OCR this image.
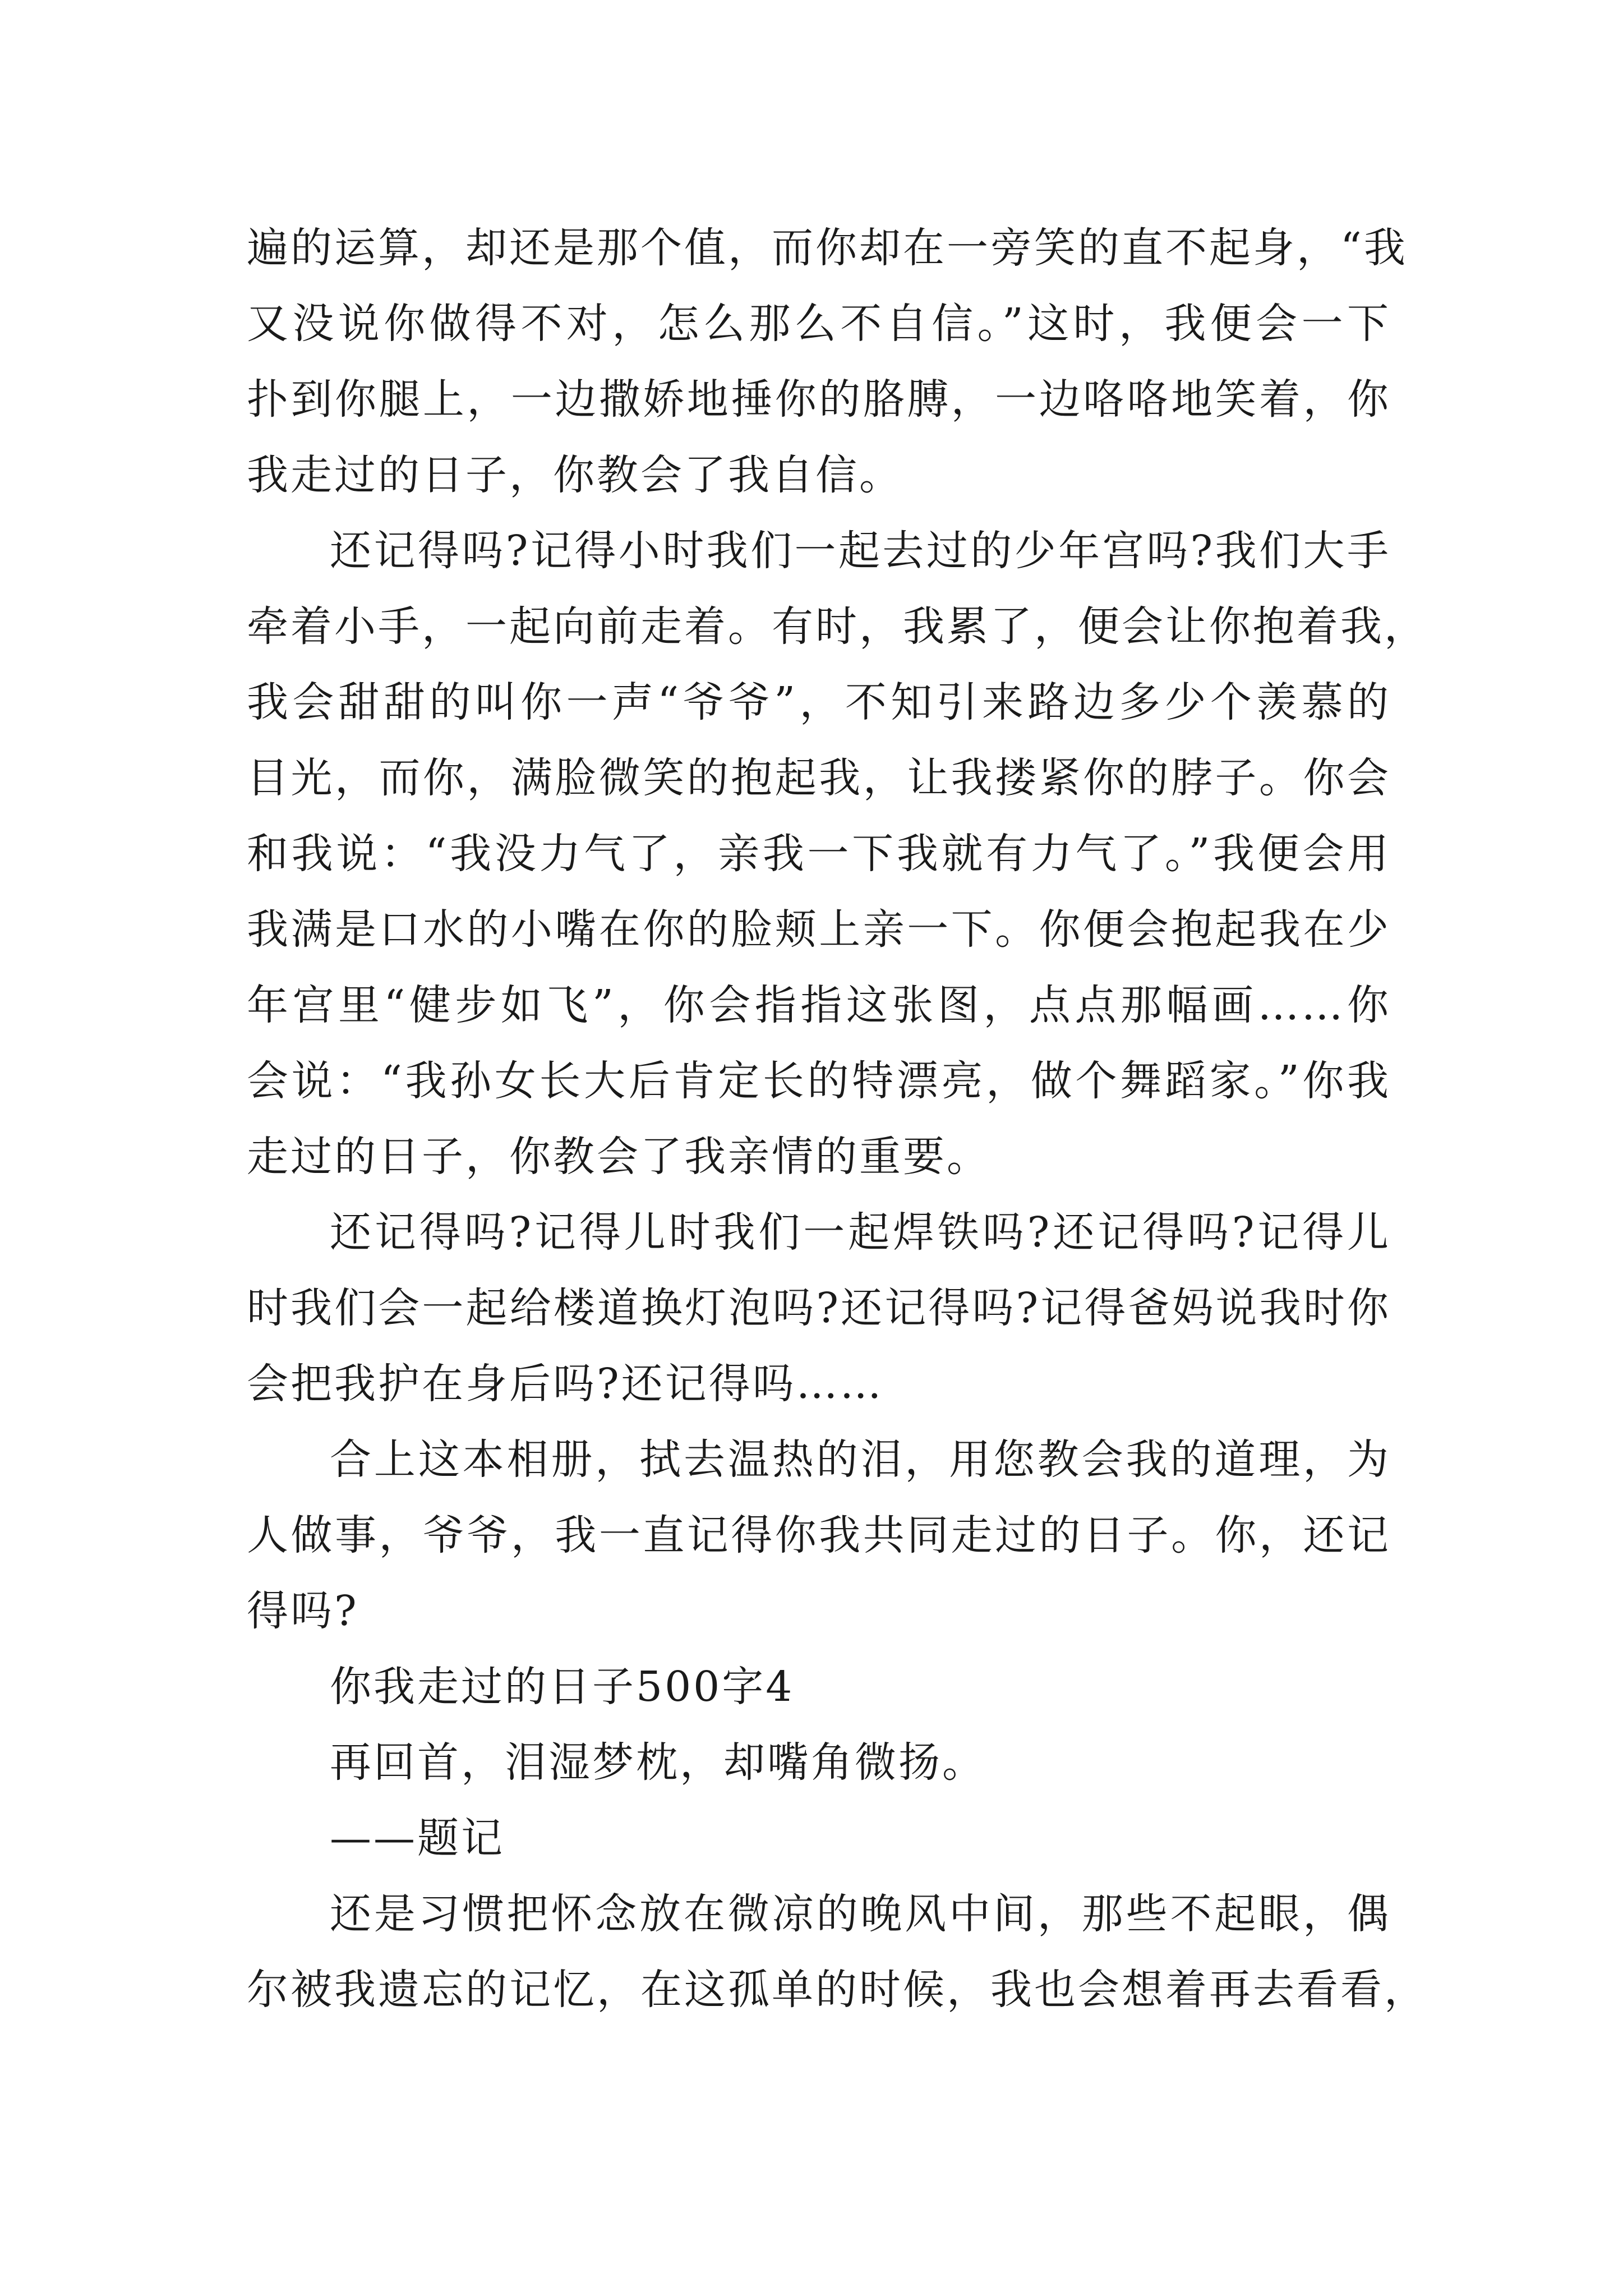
遍的运算，却还是那个值，而你却在一旁笑的直不起身，“我
又没说你做得不对，怎么那么不自信。”这时，我便会一下
扑到你腿上，一边撒娇地捶你的胳膊，一边咯咯地笑着，你
我走过的日子，你教会了我自信。
还记得吗?记得小时我们一起去过的少年宫吗?我们大手
牵着小手，一起向前走着。有时，我累了，便会让你抱着我，
我会甜甜的叫你一声“爷爷”，不知引来路边多少个羡慕的
目光，而你，满脸微笑的抱起我，让我搂紧你的脖子。你会
和我说：“我没力气了，亲我一下我就有力气了。”我便会用
我满是口水的小嘴在你的脸颊上亲一下。你便会抱起我在少
年宫里“健步如飞”，你会指指这张图，点点那幅画……你
会说：“我孙女长大后肯定长的特漂亮，做个舞蹈家。”你我
走过的日子，你教会了我亲情的重要。
还记得吗?记得儿时我们一起焊铁吗?还记得吗?记得儿
时我们会一起给楼道换灯泡吗?还记得吗?记得爸妈说我时你
会把我护在身后吗?还记得吗……
合上这本相册，拭去温热的泪，用您教会我的道理，为
人做事，爷爷，我一直记得你我共同走过的日子。你，还记
得吗?
你我走过的日子500字4
再回首，泪湿梦枕，却嘴角微扬。
——题记
还是习惯把怀念放在微凉的晚风中间，那些不起眼，偶
尔被我遗忘的记忆，在这孤单的时候，我也会想着再去看看，
